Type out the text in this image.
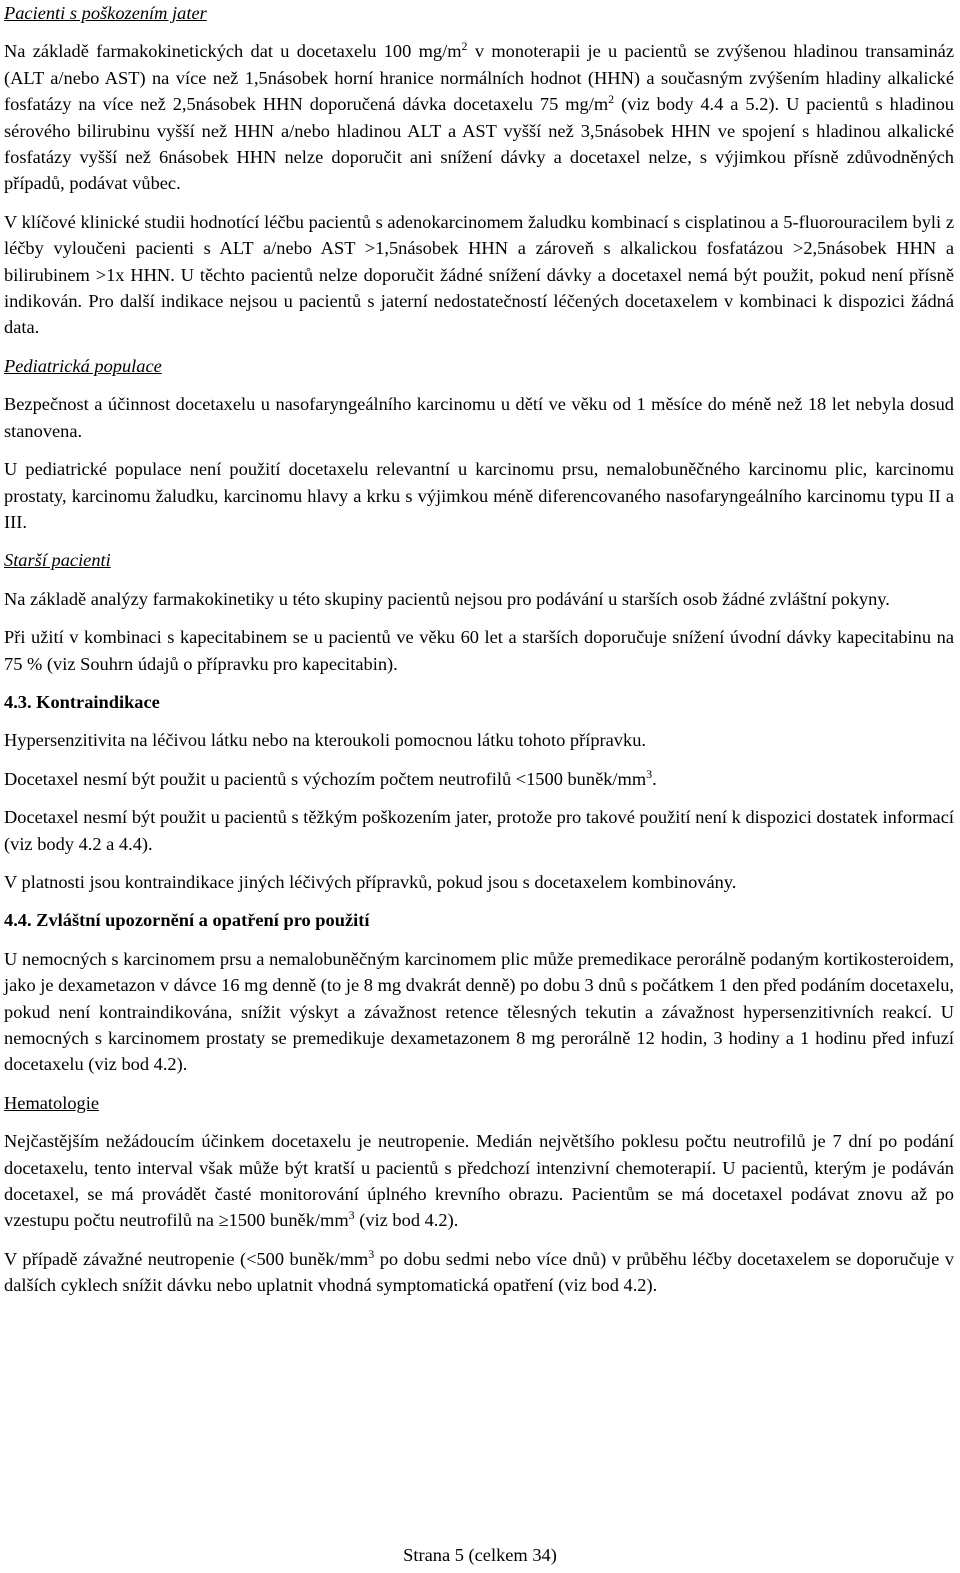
Pacienti s poškozením jater

Na základě farmakokinetických dat u docetaxelu 100 $mg/m^2$ v monoterapii je u pacientů se zvýšenou hladinou transamináz (ALT a/nebo AST) na více než 1,5násobek horní hranice normálních hodnot (HHN) a současným zvýšením hladiny alkalické fosfatázy na více než 2,5násobek HHN doporučená dávka docetaxelu 75 $mg/m^2$ (viz body 4.4 a 5.2). U pacientů s hladinou sérového bilirubinu vyšší než HHN a/nebo hladinou ALT a AST vyšší než 3,5násobek HHN ve spojení s hladinou alkalické fosfatázy vyšší než 6násobek HHN nelze doporučit ani snížení dávky a docetaxel nelze, s výjimkou přísně zdůvodněných případů, podávat vůbec.

V klíčové klinické studii hodnotící léčbu pacientů s adenokarcinomem žaludku kombinací s cisplatinou a 5-fluorouracilem byli z léčby vyloučeni pacienti s ALT a/nebo AST >1,5násobek HHN a zároveň s alkalickou fosfatázou >2,5násobek HHN a bilirubinem >1x HHN. U těchto pacientů nelze doporučit žádné snížení dávky a docetaxel nemá být použit, pokud není přísně indikován. Pro další indikace nejsou u pacientů s jaterní nedostatečností léčených docetaxelem v kombinaci k dispozici žádná data.

Pediatrická populace

Bezpečnost a účinnost docetaxelu u nasofaryngeálního karcinomu u dětí ve věku od 1 měsíce do méně než 18 let nebyla dosud stanovena.

U pediatrické populace není použití docetaxelu relevantní u karcinomu prsu, nemalobuněčného karcinomu plic, karcinomu prostaty, karcinomu žaludku, karcinomu hlavy a krku s výjimkou méně diferencovaného nasofaryngeálního karcinomu typu II a III.

Starší pacienti

Na základě analýzy farmakokinetiky u této skupiny pacientů nejsou pro podávání u starších osob žádné zvláštní pokyny.

Při užití v kombinaci s kapecitabinem se u pacientů ve věku 60 let a starších doporučuje snížení úvodní dávky kapecitabinu na 75 % (viz Souhrn údajů o přípravku pro kapecitabin).

4.3. Kontraindikace

Hypersenzitivita na léčivou látku nebo na kteroukoli pomocnou látku tohoto přípravku.

Docetaxel nesmí být použit u pacientů s výchozím počtem neutrofilů <1500 buněk/$mm^3$.

Docetaxel nesmí být použit u pacientů s těžkým poškozením jater, protože pro takové použití není k dispozici dostatek informací (viz body 4.2 a 4.4).

V platnosti jsou kontraindikace jiných léčivých přípravků, pokud jsou s docetaxelem kombinovány.

4.4. Zvláštní upozornění a opatření pro použití

U nemocných s karcinomem prsu a nemalobuněčným karcinomem plic může premedikace perorálně podaným kortikosteroidem, jako je dexametazon v dávce 16 mg denně (to je 8 mg dvakrát denně) po dobu 3 dnů s počátkem 1 den před podáním docetaxelu, pokud není kontraindikována, snížit výskyt a závažnost retence tělesných tekutin a závažnost hypersenzitivních reakcí. U nemocných s karcinomem prostaty se premedikuje dexametazonem 8 mg perorálně 12 hodin, 3 hodiny a 1 hodinu před infuzí docetaxelu (viz bod 4.2).

Hematologie

Nejčastějším nežádoucím účinkem docetaxelu je neutropenie. Medián největšího poklesu počtu neutrofilů je 7 dní po podání docetaxelu, tento interval však může být kratší u pacientů s předchozí intenzivní chemoterapií. U pacientů, kterým je podáván docetaxel, se má provádět časté monitorování úplného krevního obrazu. Pacientům se má docetaxel podávat znovu až po vzestupu počtu neutrofilů na ≥1500 buněk/$mm^3$ (viz bod 4.2).

V případě závažné neutropenie (<500 buněk/$mm^3$ po dobu sedmi nebo více dnů) v průběhu léčby docetaxelem se doporučuje v dalších cyklech snížit dávku nebo uplatnit vhodná symptomatická opatření (viz bod 4.2).

Strana 5 (celkem 34)
